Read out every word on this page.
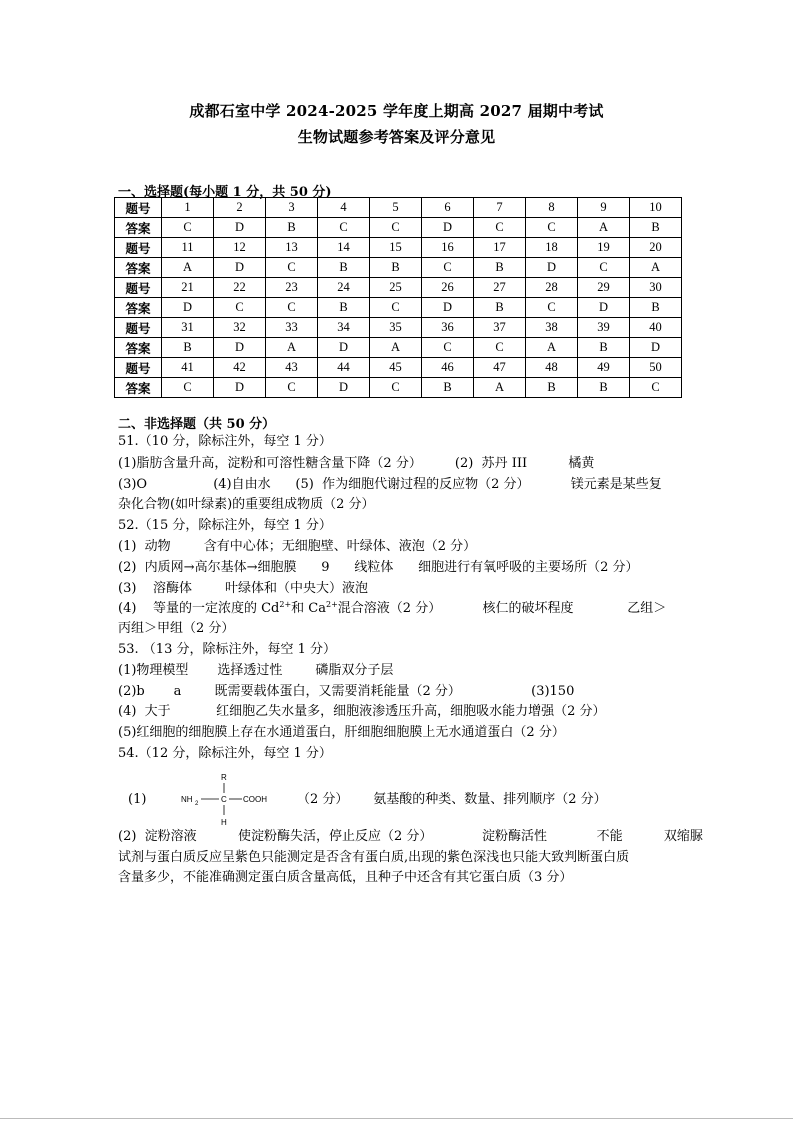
成都石室中学 2024-2025 学年度上期高 2027 届期中考试
生物试题参考答案及评分意见
一、选择题(每小题 1 分，共 50 分)
题号	1	2	3	4	5	6	7	8	9	10
答案	C	D	B	C	C	D	C	C	A	B
题号	11	12	13	14	15	16	17	18	19	20
答案	A	D	C	B	B	C	B	D	C	A
题号	21	22	23	24	25	26	27	28	29	30
答案	D	C	C	B	C	D	B	C	D	B
题号	31	32	33	34	35	36	37	38	39	40
答案	B	D	A	D	A	C	C	A	B	D
题号	41	42	43	44	45	46	47	48	49	50
答案	C	D	C	D	C	B	A	B	B	C
二、非选择题（共 50 分）
51.（10 分，除标注外，每空 1 分）
(1)脂肪含量升高，淀粉和可溶性糖含量下降（2 分）        (2)  苏丹 III          橘黄
(3)O                (4)自由水      (5)  作为细胞代谢过程的反应物（2 分）          镁元素是某些复
杂化合物(如叶绿素)的重要组成物质（2 分）
52.（15 分，除标注外，每空 1 分）
(1)  动物        含有中心体；无细胞壁、叶绿体、液泡（2 分）
(2)  内质网→高尔基体→细胞膜      9      线粒体      细胞进行有氧呼吸的主要场所（2 分）
(3)    溶酶体        叶绿体和（中央大）液泡
(4)    等量的一定浓度的 $Cd^{2+}$和 $Ca^{2+}$混合溶液（2 分）          核仁的破坏程度             乙组＞
丙组＞甲组（2 分）
53. （13 分，除标注外，每空 1 分）
(1)物理模型       选择透过性        磷脂双分子层
(2)b       a        既需要载体蛋白，又需要消耗能量（2 分）                 (3)150
(4)  大于           红细胞乙失水量多，细胞液渗透压升高，细胞吸水能力增强（2 分）
(5)红细胞的细胞膜上存在水通道蛋白，肝细胞细胞膜上无水通道蛋白（2 分）
54.（12 分，除标注外，每空 1 分）
(1)
R
NH 2	C COOH
H
（2 分）      氨基酸的种类、数量、排列顺序（2 分）
(2)  淀粉溶液          使淀粉酶失活，停止反应（2 分）            淀粉酶活性            不能          双缩脲
试剂与蛋白质反应呈紫色只能测定是否含有蛋白质,出现的紫色深浅也只能大致判断蛋白质
含量多少，不能准确测定蛋白质含量高低，且种子中还含有其它蛋白质（3 分）
